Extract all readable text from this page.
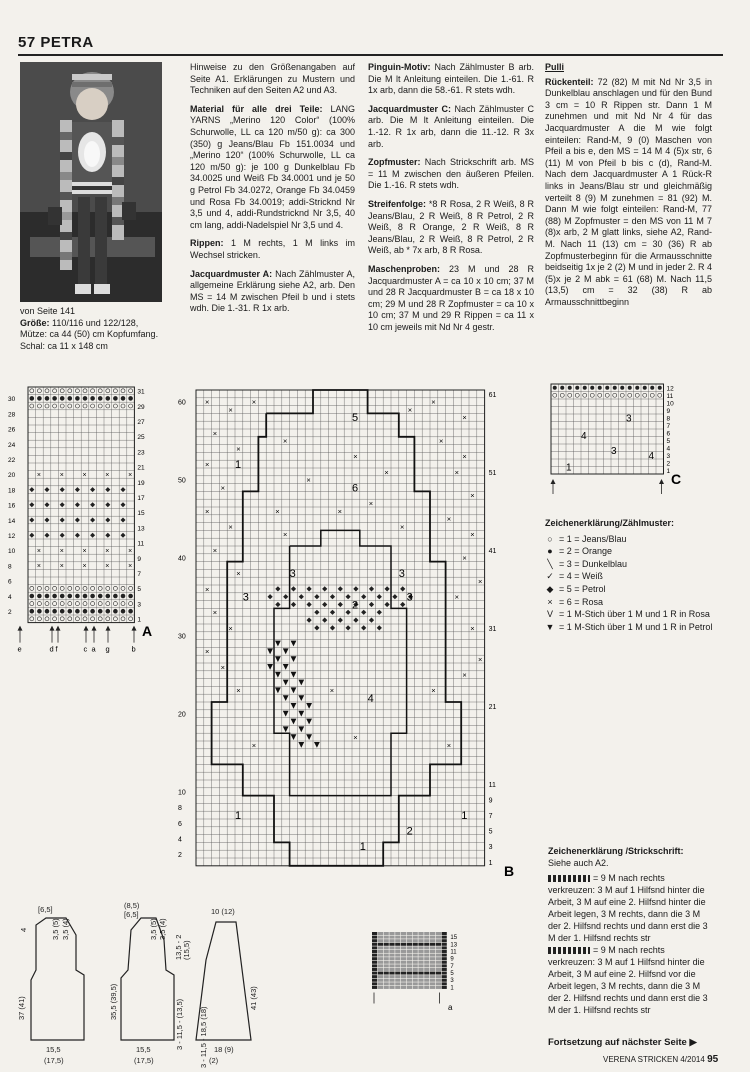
57 PETRA
von Seite 141
Größe: 110/116 und 122/128,
Mütze: ca 44 (50) cm Kopfumfang.
Schal: ca 11 x 148 cm

Hinweise zu den Größenangaben auf Seite A1. Erklärungen zu Mustern und Techniken auf den Seiten A2 und A3.

Material für alle drei Teile: LANG YARNS „Merino 120 Color“ (100% Schurwolle, LL ca 120 m/50 g): ca 300 (350) g Jeans/Blau Fb 151.0034 und „Merino 120“ (100% Schurwolle, LL ca 120 m/50 g): je 100 g Dunkelblau Fb 34.0025 und Weiß Fb 34.0001 und je 50 g Petrol Fb 34.0272, Orange Fb 34.0459 und Rosa Fb 34.0019; addi-Stricknd Nr 3,5 und 4, addi-Rundstricknd Nr 3,5, 40 cm lang, addi-Nadelspiel Nr 3,5 und 4.

Rippen: 1 M rechts, 1 M links im Wechsel stricken.

Jacquardmuster A: Nach Zählmuster A, allgemeine Erklärung siehe A2, arb. Den MS = 14 M zwischen Pfeil b und i stets wdh. Die 1.-31. R 1x arb.

Pinguin-Motiv: Nach Zählmuster B arb. Die M lt Anleitung einteilen. Die 1.-61. R 1x arb, dann die 58.-61. R stets wdh.

Jacquardmuster C: Nach Zählmuster C arb. Die M lt Anleitung einteilen. Die 1.-12. R 1x arb, dann die 11.-12. R 3x arb.

Zopfmuster: Nach Strickschrift arb. MS = 11 M zwischen den äußeren Pfeilen. Die 1.-16. R stets wdh.

Streifenfolge: *8 R Rosa, 2 R Weiß, 8 R Jeans/Blau, 2 R Weiß, 8 R Petrol, 2 R Weiß, 8 R Orange, 2 R Weiß, 8 R Jeans/Blau, 2 R Weiß, 8 R Petrol, 2 R Weiß, ab * 7x arb, 8 R Rosa.

Maschenproben: 23 M und 28 R Jacquardmuster A = ca 10 x 10 cm; 37 M und 28 R Jacquardmuster B = ca 18 x 10 cm; 29 M und 28 R Zopfmuster = ca 10 x 10 cm; 37 M und 29 R Rippen = ca 11 x 10 cm jeweils mit Nd Nr 4 gestr.

Pulli

Rückenteil: 72 (82) M mit Nd Nr 3,5 in Dunkelblau anschlagen und für den Bund 3 cm = 10 R Rippen str. Dann 1 M zunehmen und mit Nd Nr 4 für das Jacquardmuster A die M wie folgt einteilen: Rand-M, 9 (0) Maschen von Pfeil a bis e, den MS = 14 M 4 (5)x str, 6 (11) M von Pfeil b bis c (d), Rand-M. Nach dem Jacquardmuster A 1 Rück-R links in Jeans/Blau str und gleichmäßig verteilt 8 (9) M zunehmen = 81 (92) M. Dann M wie folgt einteilen: Rand-M, 77 (88) M Zopfmuster = den MS von 11 M 7 (8)x arb, 2 M glatt links, siehe A2, Rand-M. Nach 11 (13) cm = 30 (36) R ab Zopfmusterbeginn für die Armausschnitte beidseitig 1x je 2 (2) M und in jeder 2. R 4 (5)x je 2 M abk = 61 (68) M. Nach 11,5 (13,5) cm = 32 (38) R ab Armausschnittbeginn

×	×	×	×	×
×	×	×	×	×
×	×	×	×	×
2
4
6
8
10
12
14
16
18
20
22
24
26
28
30
1
3
5
7
9
11
13
15
17
19
21
23
25
27
29
31
A
e	d f	c a g	b
×
×
×
×
×
×
×
×
×
×
×
×
×
×
×
×
×
×
×
×
×
×
×
×
×
×
×
×
×
×
×
×	×
×	×
×
×
×
×
×
×	×
×
×
×
×
5
1
6
3	3
2
3
3
4
1	1
2
1
2
4
6
8
10
20
30
40
50
60
1
3
5
7
9
11
21
31
41
51
61
B
3
4
3	4
1	1
2
3
4
5
6
7
8
9
10
11
12
C
Zeichenerklärung/Zählmuster:
○ = 1 = Jeans/Blau
● = 2 = Orange
╲ = 3 = Dunkelblau
✓ = 4 = Weiß
◆ = 5 = Petrol
× = 6 = Rosa
V = 1 M-Stich über 1 M und 1 R in Rosa
▼ = 1 M-Stich über 1 M und 1 R in Petrol
[6,5]
3,5 (5) 3,5 (4)
4
37 (41)
15,5
(17,5)
(8,5)
[6,5]
3,5 (5) 3,5 (4)
13,5 - 2 (15,5)
35,5 (39,5)	3 - 11,5 - (13,5)
15,5
(17,5)
10 (12)
41 (43)
3 - 11,5 - 18,5 (18) 18 (9)
(2)
1
3
5
7
9
11
13
15
a
Zeichenerklärung /Strickschrift:
Siehe auch A2.
= 9 M nach rechts verkreuzen: 3 M auf 1 Hilfsnd hinter die Arbeit, 3 M auf eine 2. Hilfsnd hinter die Arbeit legen, 3 M rechts, dann die 3 M der 2. Hilfsnd rechts und dann erst die 3 M der 1. Hilfsnd rechts str
= 9 M nach rechts verkreuzen: 3 M auf 1 Hilfsnd hinter die Arbeit, 3 M auf eine 2. Hilfsnd vor die Arbeit legen, 3 M rechts, dann die 3 M der 2. Hilfsnd rechts und dann erst die 3 M der 1. Hilfsnd rechts str
Fortsetzung auf nächster Seite ▶
VERENA STRICKEN 4/2014 95
